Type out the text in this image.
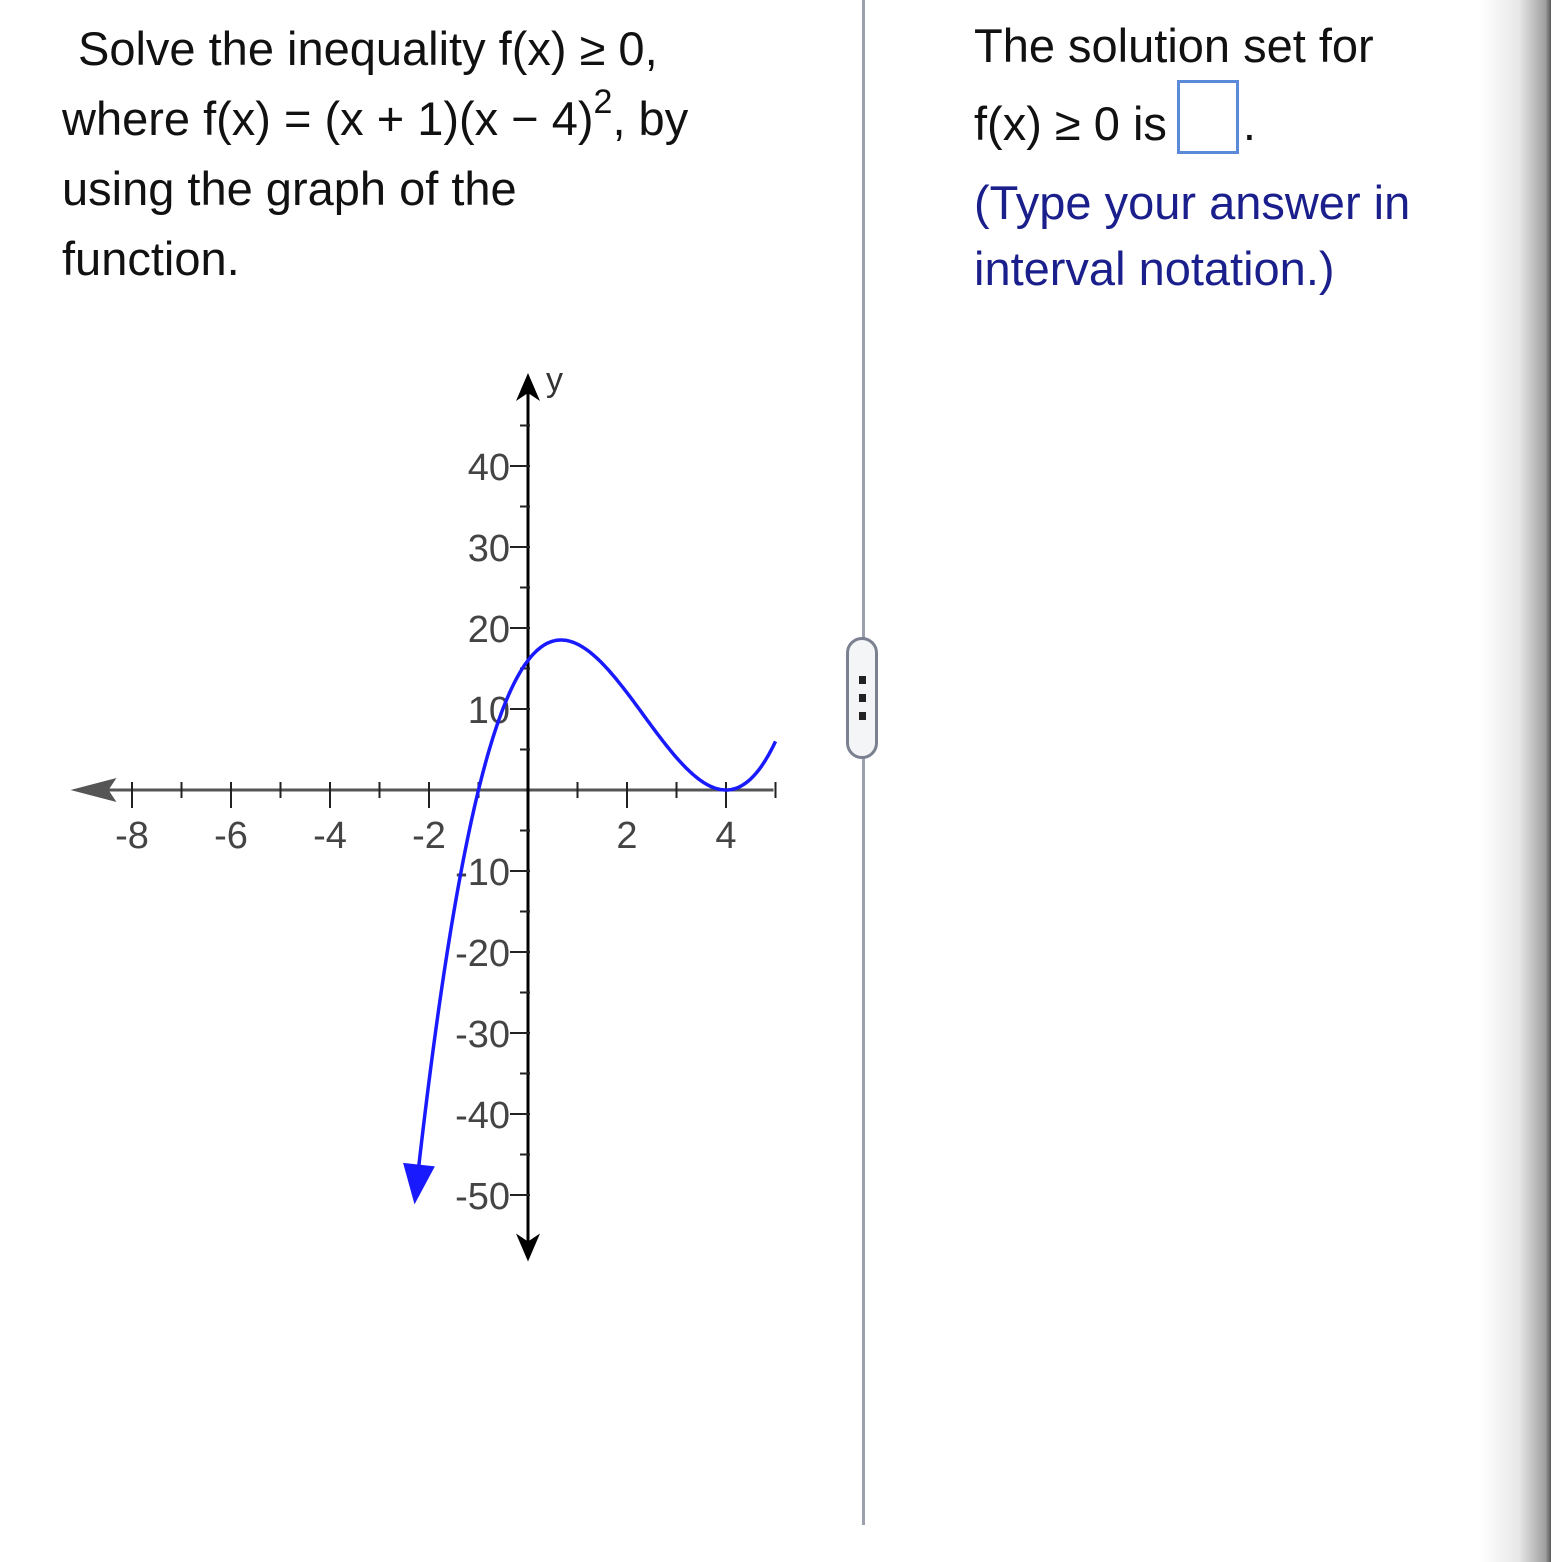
Solve the inequality f(x) ≥ 0,
where $f(x) = (x + 1)(x - 4)^2$, by
using the graph of the
function.
y
-8 -6 -4 -2	2 4
40
30
20
10
-10
-20
-30
-40
-50
The solution set for
f(x) ≥ 0 is .
(Type your answer in
interval notation.)
